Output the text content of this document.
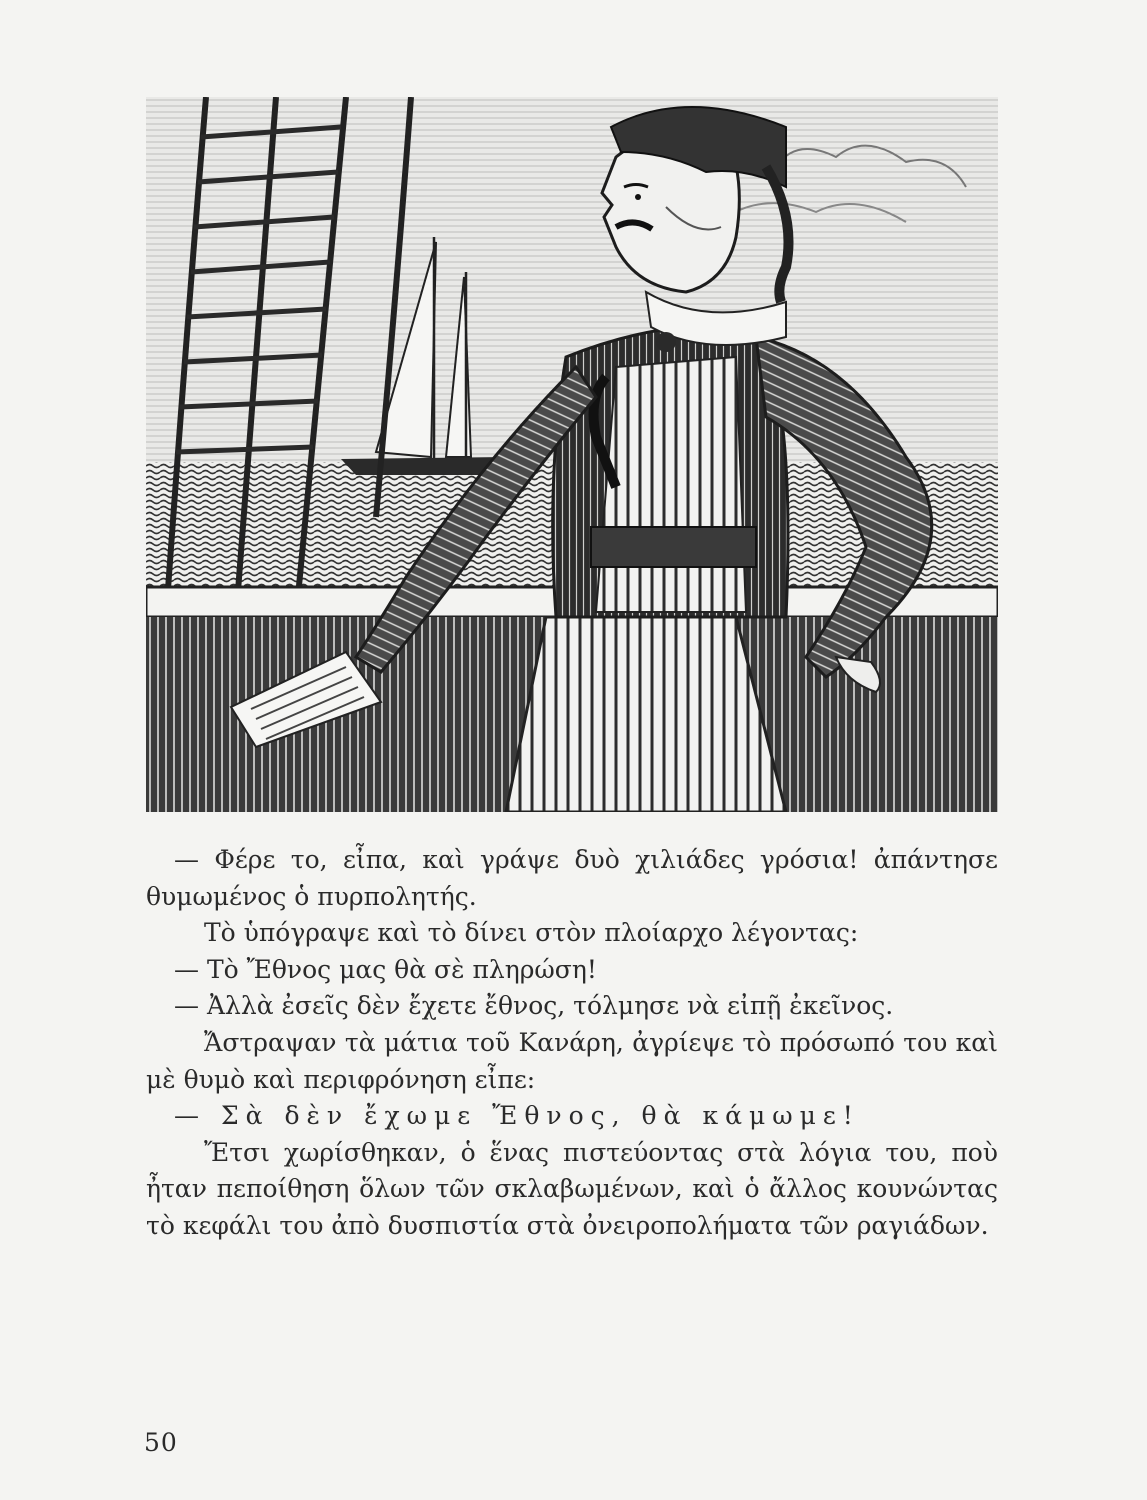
— Φέρε το, εἶπα, καὶ γράψε δυὸ χιλιάδες γρόσια! ἀπάντησε θυμωμένος ὁ πυρπολητής.

Τὸ ὑπόγραψε καὶ τὸ δίνει στὸν πλοίαρχο λέγοντας:

— Τὸ Ἔθνος μας θὰ σὲ πληρώση!

— Ἀλλὰ ἐσεῖς δὲν ἔχετε ἔθνος, τόλμησε νὰ εἰπῇ ἐκεῖνος.

Ἄστραψαν τὰ μάτια τοῦ Κανάρη, ἀγρίεψε τὸ πρόσωπό του καὶ μὲ θυμὸ καὶ περιφρόνηση εἶπε:

— Σὰ δὲν ἔχωμε Ἔθνος, θὰ κάμωμε!

Ἔτσι χωρίσθηκαν, ὁ ἕνας πιστεύοντας στὰ λόγια του, ποὺ ἦταν πεποίθηση ὅλων τῶν σκλαβωμένων, καὶ ὁ ἄλλος κουνώντας τὸ κεφάλι του ἀπὸ δυσπιστία στὰ ὀνειροπολήματα τῶν ραγιάδων.

50
